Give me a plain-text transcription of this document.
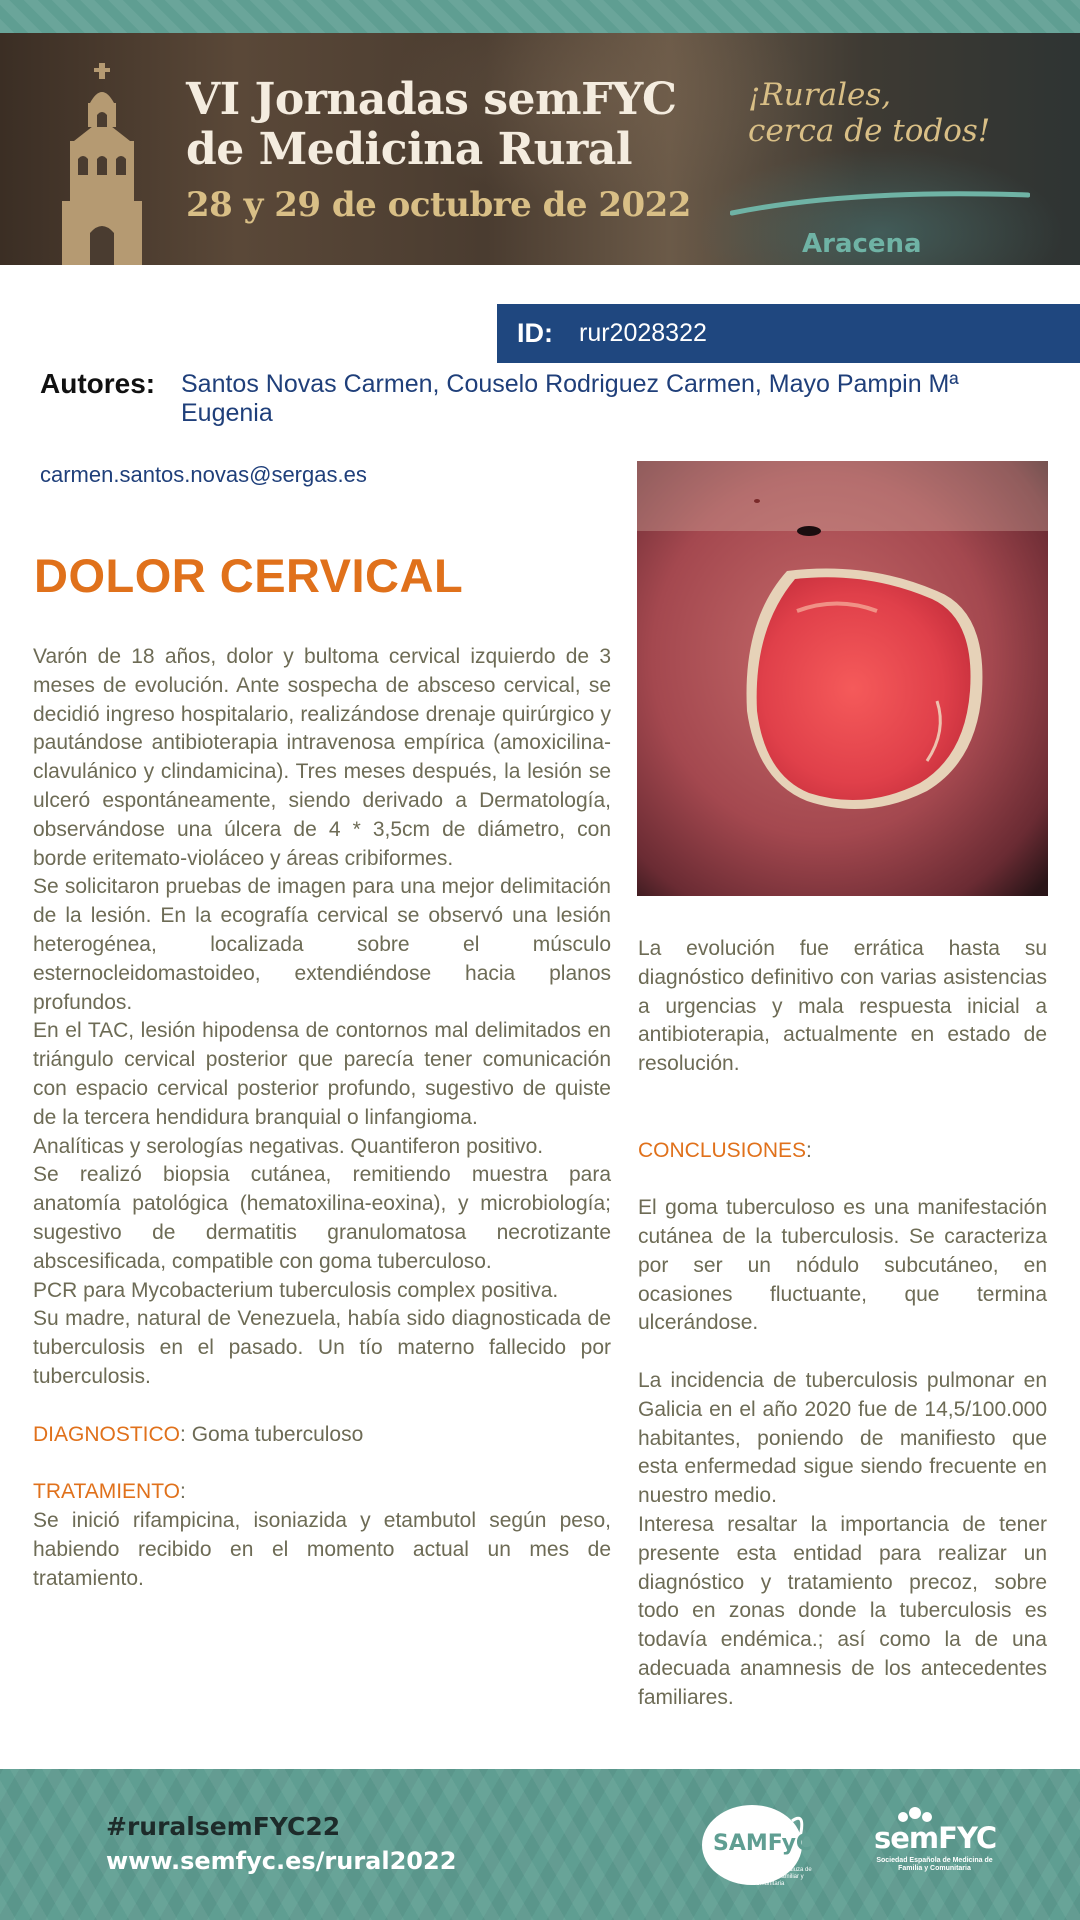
VI Jornadas semFYC
de Medicina Rural
28 y 29 de octubre de 2022
¡Rurales,
cerca de todos!
Aracena
ID:	rur2028322
Autores: Santos Novas Carmen, Couselo Rodriguez Carmen, Mayo Pampin Mª Eugenia
carmen.santos.novas@sergas.es
DOLOR CERVICAL
Varón de 18 años, dolor y bultoma cervical izquierdo de 3 meses de evolución. Ante sospecha de absceso cervical, se decidió ingreso hospitalario, realizándose drenaje quirúrgico y pautándose antibioterapia intravenosa empírica (amoxicilina-clavulánico y clindamicina). Tres meses después, la lesión se ulceró espontáneamente, siendo derivado a Dermatología, observándose una úlcera de 4 * 3,5cm de diámetro, con borde eritemato-violáceo y áreas cribiformes.
Se solicitaron pruebas de imagen para una mejor delimitación de la lesión. En la ecografía cervical se observó una lesión heterogénea, localizada sobre el músculo esternocleidomastoideo, extendiéndose hacia planos profundos.
En el TAC, lesión hipodensa de contornos mal delimitados en triángulo cervical posterior que parecía tener comunicación con espacio cervical posterior profundo, sugestivo de quiste de la tercera hendidura branquial o linfangioma.
Analíticas y serologías negativas. Quantiferon positivo.
Se realizó biopsia cutánea, remitiendo muestra para anatomía patológica (hematoxilina-eoxina), y microbiología; sugestivo de dermatitis granulomatosa necrotizante abscesificada, compatible con goma tuberculoso.
PCR para Mycobacterium tuberculosis complex positiva.
Su madre, natural de Venezuela, había sido diagnosticada de tuberculosis en el pasado. Un tío materno fallecido por tuberculosis.
DIAGNOSTICO: Goma tuberculoso
TRATAMIENTO:
Se inició rifampicina, isoniazida y etambutol según peso, habiendo recibido en el momento actual un mes de tratamiento.
La evolución fue errática hasta su diagnóstico definitivo con varias asistencias a urgencias y mala respuesta inicial a antibioterapia, actualmente en estado de resolución.
CONCLUSIONES:
El goma tuberculoso es una manifestación cutánea de la tuberculosis. Se caracteriza por ser un nódulo subcutáneo, en ocasiones fluctuante, que termina ulcerándose.
La incidencia de tuberculosis pulmonar en Galicia en el año 2020 fue de 14,5/100.000 habitantes, poniendo de manifiesto que esta enfermedad sigue siendo frecuente en nuestro medio.
Interesa resaltar la importancia de tener presente esta entidad para realizar un diagnóstico y tratamiento precoz, sobre todo en zonas donde la tuberculosis es todavía endémica.; así como la de una adecuada anamnesis de los antecedentes familiares.
#ruralsemFYC22
www.semfyc.es/rural2022
SAMFyC
Sociedad Andaluza de Medicina Familiar y Comunitaria
semFYC
Sociedad Española de Medicina de Familia y Comunitaria
